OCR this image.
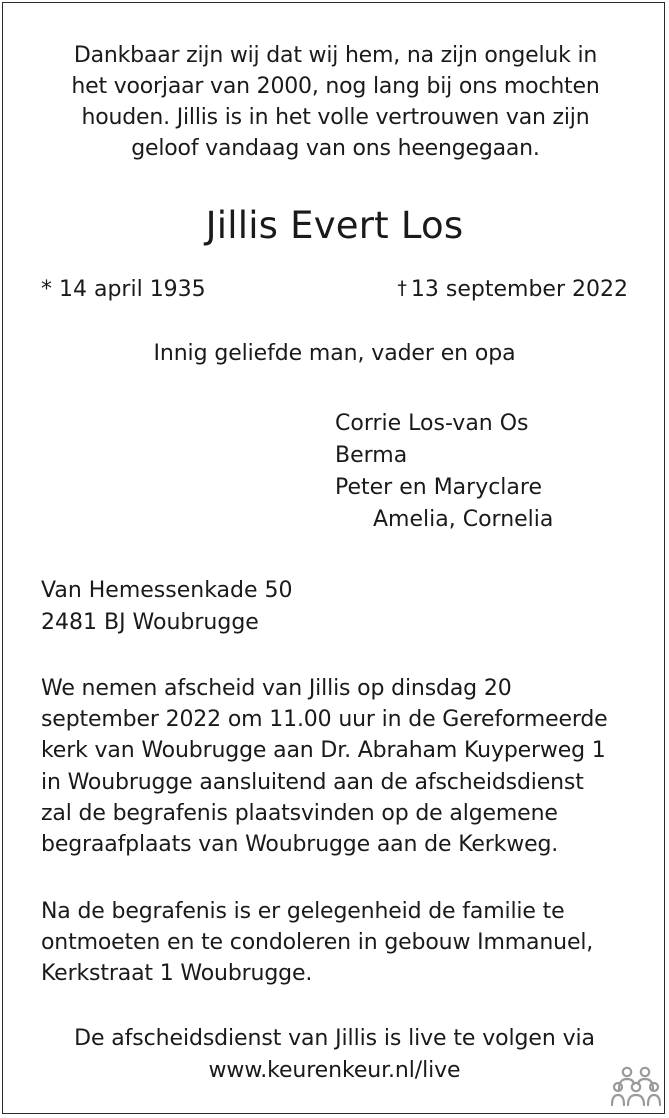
Dankbaar zijn wij dat wij hem, na zijn ongeluk in
het voorjaar van 2000, nog lang bij ons mochten
houden. Jillis is in het volle vertrouwen van zijn
geloof vandaag van ons heengegaan.
Jillis Evert Los
* 14 april 1935	† 13 september 2022
Innig geliefde man, vader en opa
Corrie Los-van Os
Berma
Peter en Maryclare
Amelia, Cornelia
Van Hemessenkade 50
2481 BJ Woubrugge
We nemen afscheid van Jillis op dinsdag 20
september 2022 om 11.00 uur in de Gereformeerde
kerk van Woubrugge aan Dr. Abraham Kuyperweg 1
in Woubrugge aansluitend aan de afscheidsdienst
zal de begrafenis plaatsvinden op de algemene
begraafplaats van Woubrugge aan de Kerkweg.
Na de begrafenis is er gelegenheid de familie te
ontmoeten en te condoleren in gebouw Immanuel,
Kerkstraat 1 Woubrugge.
De afscheidsdienst van Jillis is live te volgen via
www.keurenkeur.nl/live
